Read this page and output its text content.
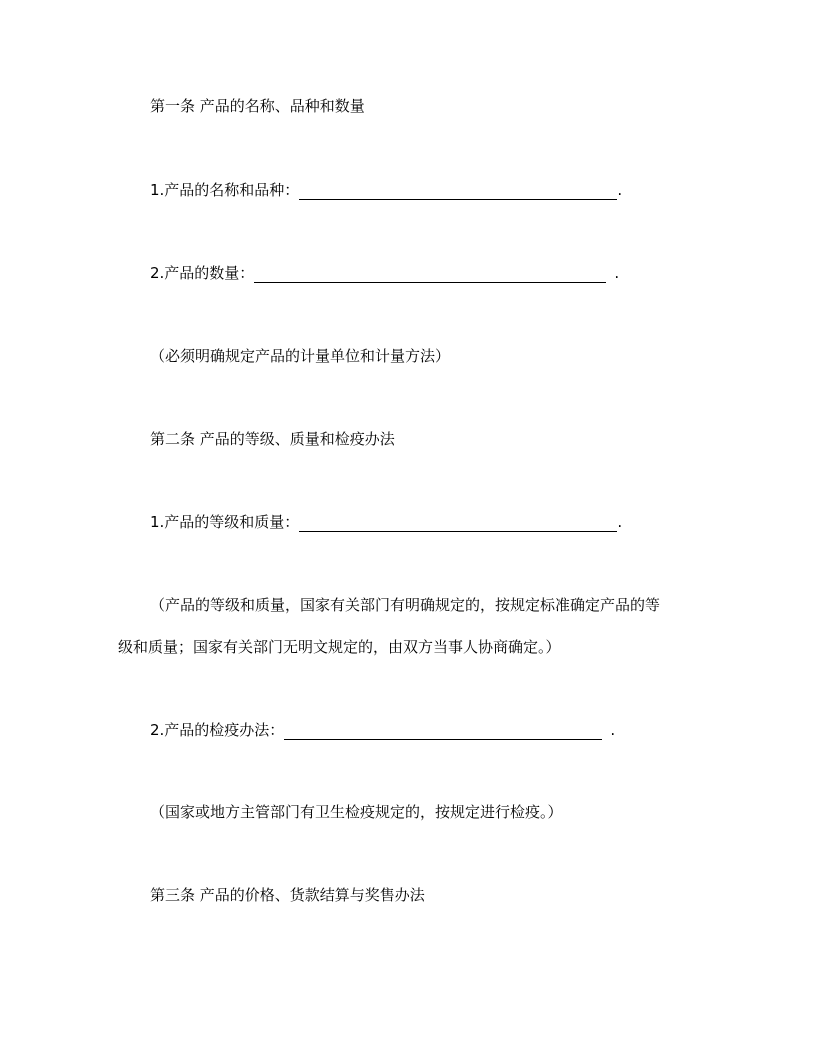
第一条 产品的名称、品种和数量
1.产品的名称和品种：	.
2.产品的数量：	.
（必须明确规定产品的计量单位和计量方法）
第二条 产品的等级、质量和检疫办法
1.产品的等级和质量：	.
（产品的等级和质量，国家有关部门有明确规定的，按规定标准确定产品的等
级和质量；国家有关部门无明文规定的，由双方当事人协商确定。）
2.产品的检疫办法：	.
（国家或地方主管部门有卫生检疫规定的，按规定进行检疫。）
第三条 产品的价格、货款结算与奖售办法
